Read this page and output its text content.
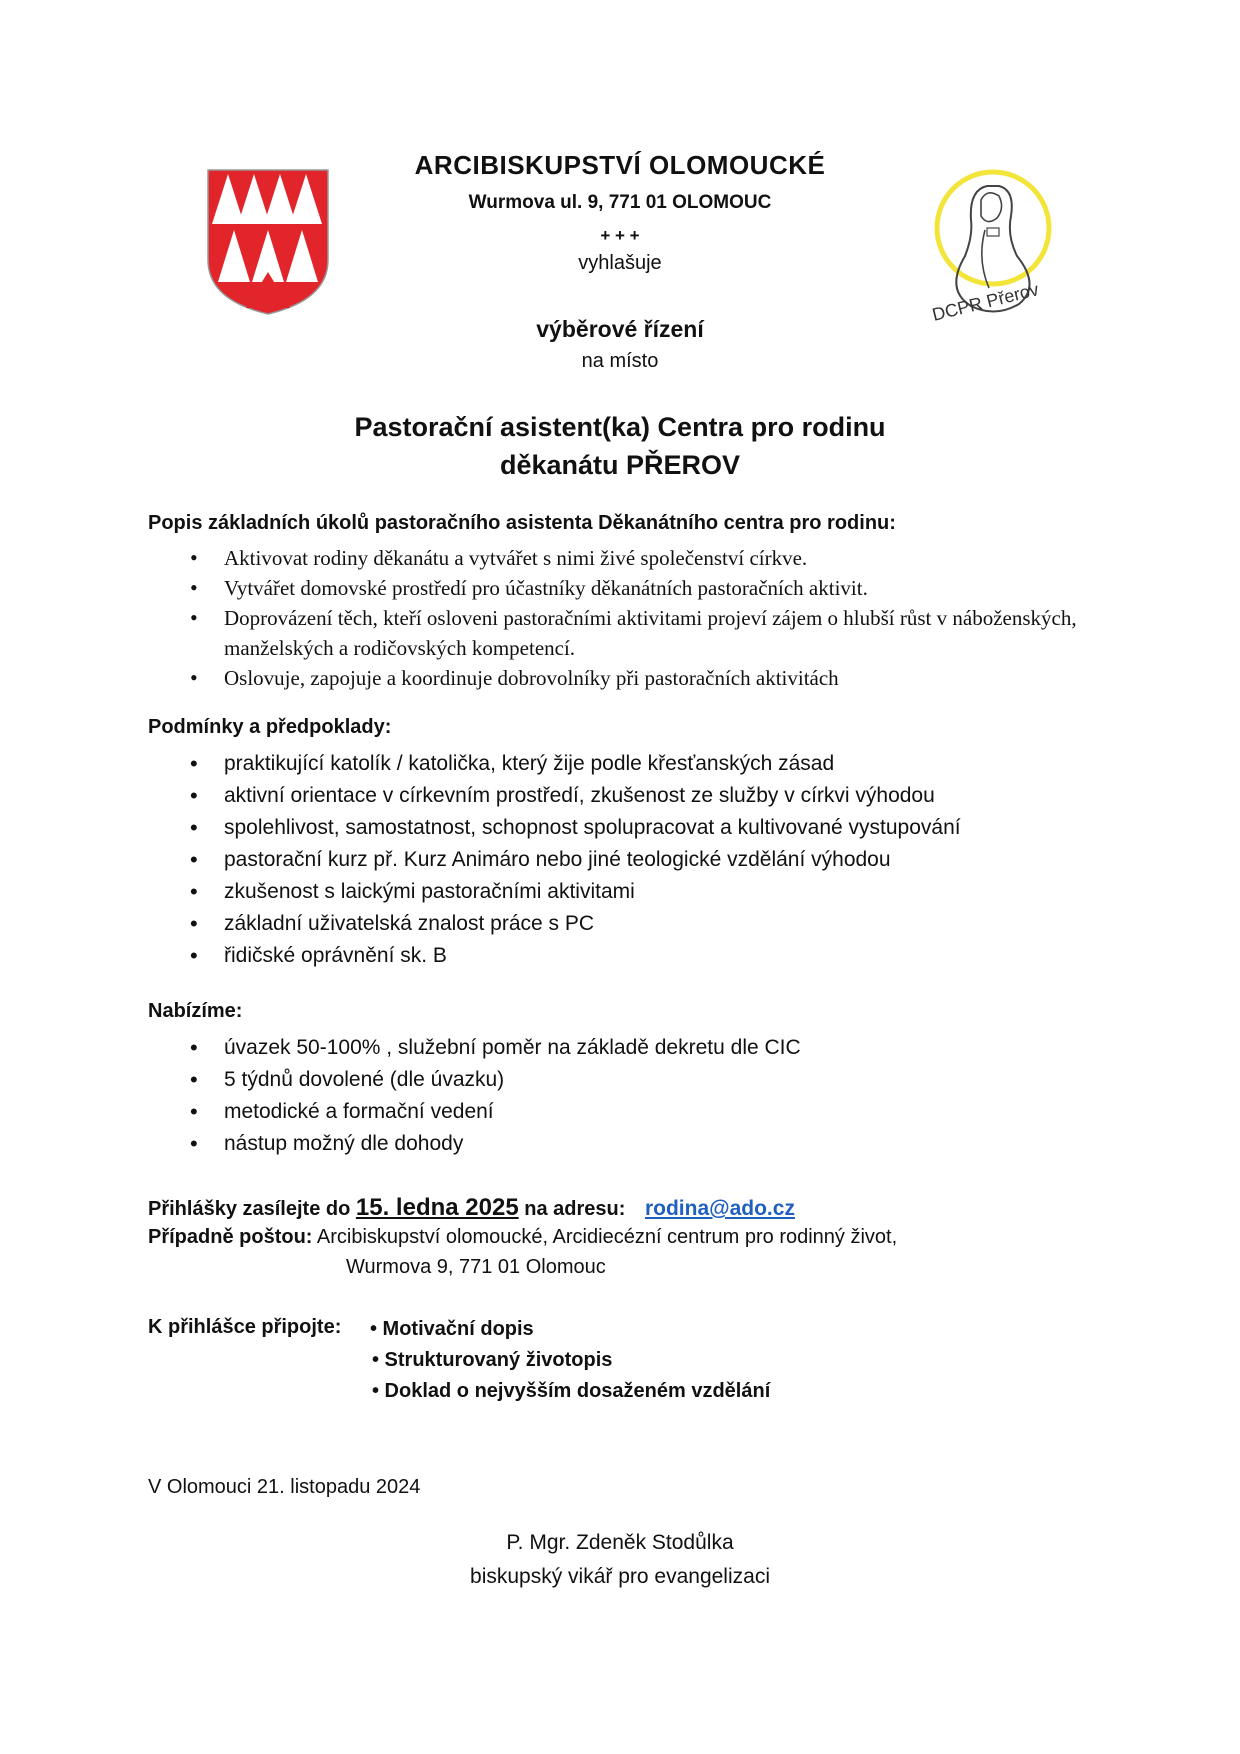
DCPR Přerov
ARCIBISKUPSTVÍ OLOMOUCKÉ
Wurmova ul. 9, 771 01 OLOMOUC
+ + +
vyhlašuje
výběrové řízení
na místo
Pastorační asistent(ka) Centra pro rodinu
děkanátu PŘEROV
Popis základních úkolů pastoračního asistenta Děkanátního centra pro rodinu:
• Aktivovat rodiny děkanátu a vytvářet s nimi živé společenství církve.
• Vytvářet domovské prostředí pro účastníky děkanátních pastoračních aktivit.
• Doprovázení těch, kteří osloveni pastoračními aktivitami projeví zájem o hlubší růst v náboženských, manželských a rodičovských kompetencí.
• Oslovuje, zapojuje a koordinuje dobrovolníky při pastoračních aktivitách
Podmínky a předpoklady:
• praktikující katolík / katolička, který žije podle křesťanských zásad
• aktivní orientace v církevním prostředí, zkušenost ze služby v církvi výhodou
• spolehlivost, samostatnost, schopnost spolupracovat a kultivované vystupování
• pastorační kurz př. Kurz Animáro nebo jiné teologické vzdělání výhodou
• zkušenost s laickými pastoračními aktivitami
• základní uživatelská znalost práce s PC
• řidičské oprávnění sk. B
Nabízíme:
• úvazek 50-100% , služební poměr na základě dekretu dle CIC
• 5 týdnů dovolené (dle úvazku)
• metodické a formační vedení
• nástup možný dle dohody
Přihlášky zasílejte do 15. ledna 2025 na adresu: rodina@ado.cz
Případně poštou: Arcibiskupství olomoucké, Arcidiecézní centrum pro rodinný život,
Wurmova 9, 771 01 Olomouc
K přihlášce připojte: • Motivační dopis
• Strukturovaný životopis
• Doklad o nejvyšším dosaženém vzdělání
V Olomouci 21. listopadu 2024
P. Mgr. Zdeněk Stodůlka
biskupský vikář pro evangelizaci
